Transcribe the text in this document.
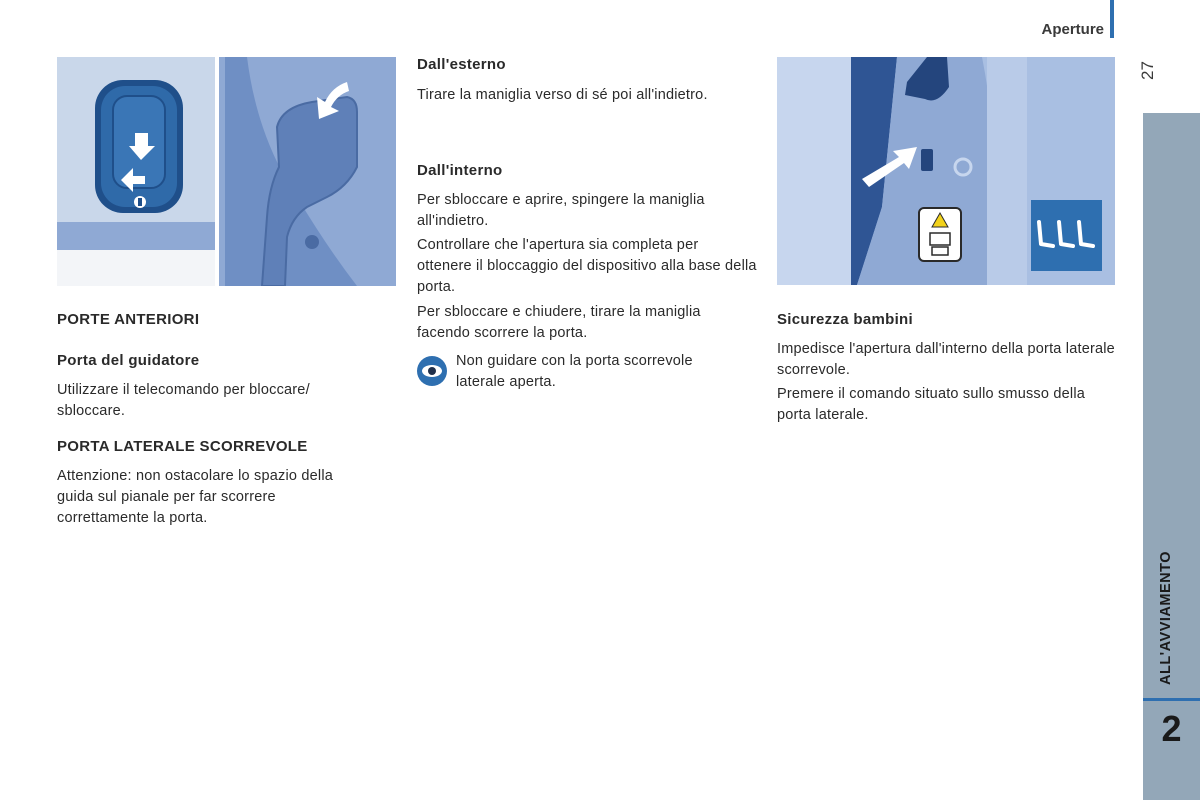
Aperture
27
ALL'AVVIAMENTO
2
PORTE ANTERIORI
Porta del guidatore
Utilizzare il telecomando per bloccare/ sbloccare.
PORTA LATERALE SCORREVOLE
Attenzione: non ostacolare lo spazio della guida sul pianale per far scorrere correttamente la porta.
Dall'esterno
Tirare la maniglia verso di sé poi all'indietro.
Dall'interno
Per sbloccare e aprire, spingere la maniglia all'indietro.
Controllare che l'apertura sia completa per ottenere il bloccaggio del dispositivo alla base della porta.
Per sbloccare e chiudere, tirare la maniglia facendo scorrere la porta.
Non guidare con la porta scorrevole laterale aperta.
Sicurezza bambini
Impedisce l'apertura dall'interno della porta laterale scorrevole.
Premere il comando situato sullo smusso della porta laterale.
